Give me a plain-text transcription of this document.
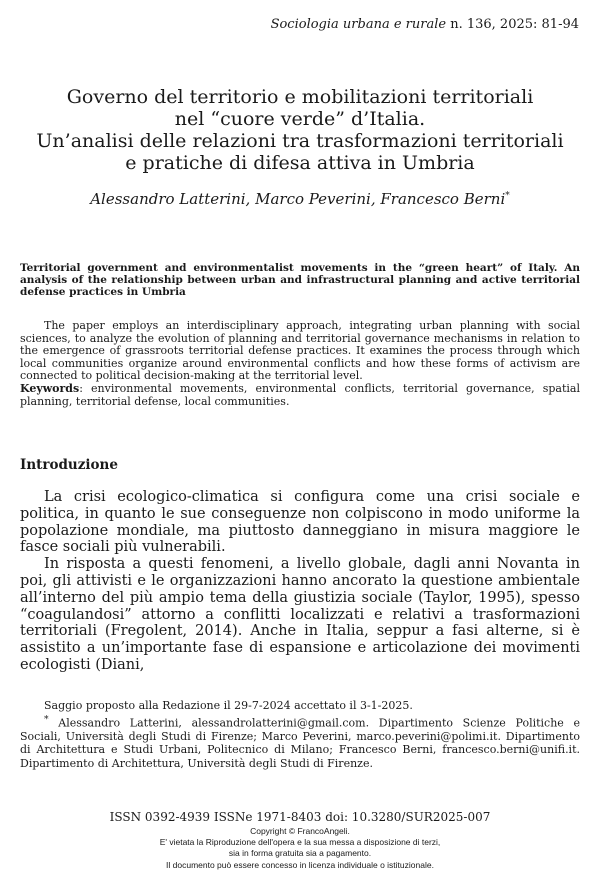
Sociologia urbana e rurale n. 136, 2025: 81-94
Governo del territorio e mobilitazioni territoriali
nel “cuore verde” d’Italia.
Un’analisi delle relazioni tra trasformazioni territoriali
e pratiche di difesa attiva in Umbria
Alessandro Latterini, Marco Peverini, Francesco Berni*
Territorial government and environmentalist movements in the “green heart” of Italy. An analysis of the relationship between urban and infrastructural planning and active territorial defense practices in Umbria

The paper employs an interdisciplinary approach, integrating urban planning with social sciences, to analyze the evolution of planning and territorial governance mechanisms in relation to the emergence of grassroots territorial defense practices. It examines the process through which local communities organize around environmental conflicts and how these forms of activism are connected to political decision-making at the territorial level.

Keywords: environmental movements, environmental conflicts, territorial governance, spatial planning, territorial defense, local communities.
Introduzione

La crisi ecologico-climatica si configura come una crisi sociale e politica, in quanto le sue conseguenze non colpiscono in modo uniforme la popolazione mondiale, ma piuttosto danneggiano in misura maggiore le fasce sociali più vulnerabili.

In risposta a questi fenomeni, a livello globale, dagli anni Novanta in poi, gli attivisti e le organizzazioni hanno ancorato la questione ambientale all’interno del più ampio tema della giustizia sociale (Taylor, 1995), spesso “coagulandosi” attorno a conflitti localizzati e relativi a trasformazioni territoriali (Fregolent, 2014). Anche in Italia, seppur a fasi alterne, si è assistito a un’importante fase di espansione e articolazione dei movimenti ecologisti (Diani,

Saggio proposto alla Redazione il 29-7-2024 accettato il 3-1-2025.

* Alessandro Latterini, alessandrolatterini@gmail.com. Dipartimento Scienze Politiche e Sociali, Università degli Studi di Firenze; Marco Peverini, marco.peverini@polimi.it. Dipartimento di Architettura e Studi Urbani, Politecnico di Milano; Francesco Berni, francesco.berni@unifi.it. Dipartimento di Architettura, Università degli Studi di Firenze.

ISSN 0392-4939 ISSNe 1971-8403 doi: 10.3280/SUR2025-007
Copyright © FrancoAngeli.
E' vietata la Riproduzione dell'opera e la sua messa a disposizione di terzi,
sia in forma gratuita sia a pagamento.
Il documento può essere concesso in licenza individuale o istituzionale.
